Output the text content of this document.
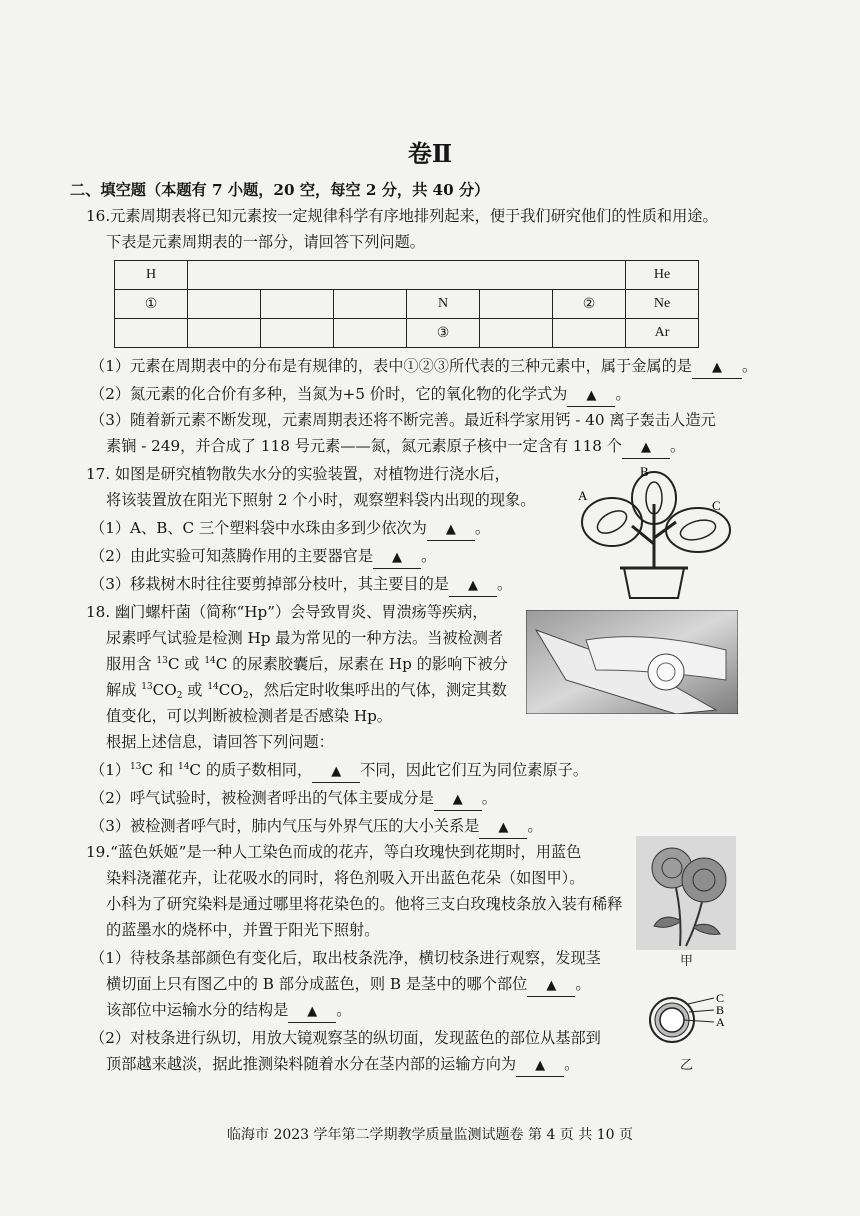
卷Ⅱ
二、填空题（本题有 7 小题，20 空，每空 2 分，共 40 分）
16.元素周期表将已知元素按一定规律科学有序地排列起来，便于我们研究他们的性质和用途。
下表是元素周期表的一部分，请回答下列问题。
H							He
①				N		②	Ne
				③			Ar
（1）元素在周期表中的分布是有规律的，表中①②③所代表的三种元素中，属于金属的是 ▲ 。
（2）氮元素的化合价有多种，当氮为+5 价时，它的氧化物的化学式为 ▲ 。
（3）随着新元素不断发现，元素周期表还将不断完善。最近科学家用钙 - 40 离子轰击人造元
素锎 - 249，并合成了 118 号元素——氮，氮元素原子核中一定含有 118 个 ▲ 。
17. 如图是研究植物散失水分的实验装置，对植物进行浇水后，
将该装置放在阳光下照射 2 个小时，观察塑料袋内出现的现象。
（1）A、B、C 三个塑料袋中水珠由多到少依次为 ▲ 。
（2）由此实验可知蒸腾作用的主要器官是 ▲ 。
（3）移栽树木时往往要剪掉部分枝叶，其主要目的是 ▲ 。
A
B
C
18. 幽门螺杆菌（简称“Hp”）会导致胃炎、胃溃疡等疾病，
尿素呼气试验是检测 Hp 最为常见的一种方法。当被检测者
服用含 $^{13}$C 或 $^{14}$C 的尿素胶囊后，尿素在 Hp 的影响下被分
解成 $^{13}CO_2$ 或 $^{14}CO_2$，然后定时收集呼出的气体，测定其数
值变化，可以判断被检测者是否感染 Hp。
根据上述信息，请回答下列问题：
$(1)^{13}C$ 和 $^{14}$C 的质子数相同， ▲ 不同，因此它们互为同位素原子。
（2）呼气试验时，被检测者呼出的气体主要成分是 ▲ 。
（3）被检测者呼气时，肺内气压与外界气压的大小关系是 ▲ 。
19.“蓝色妖姬”是一种人工染色而成的花卉，等白玫瑰快到花期时，用蓝色
染料浇灌花卉，让花吸水的同时，将色剂吸入开出蓝色花朵（如图甲）。
小科为了研究染料是通过哪里将花染色的。他将三支白玫瑰枝条放入装有稀释
的蓝墨水的烧杯中，并置于阳光下照射。
（1）待枝条基部颜色有变化后，取出枝条洗净，横切枝条进行观察，发现茎
横切面上只有图乙中的 B 部分成蓝色，则 B 是茎中的哪个部位 ▲ 。
该部位中运输水分的结构是 ▲ 。
（2）对枝条进行纵切，用放大镜观察茎的纵切面，发现蓝色的部位从基部到
顶部越来越淡，据此推测染料随着水分在茎内部的运输方向为 ▲ 。
甲
C
B
A
乙
临海市 2023 学年第二学期教学质量监测试题卷 第 4 页 共 10 页
